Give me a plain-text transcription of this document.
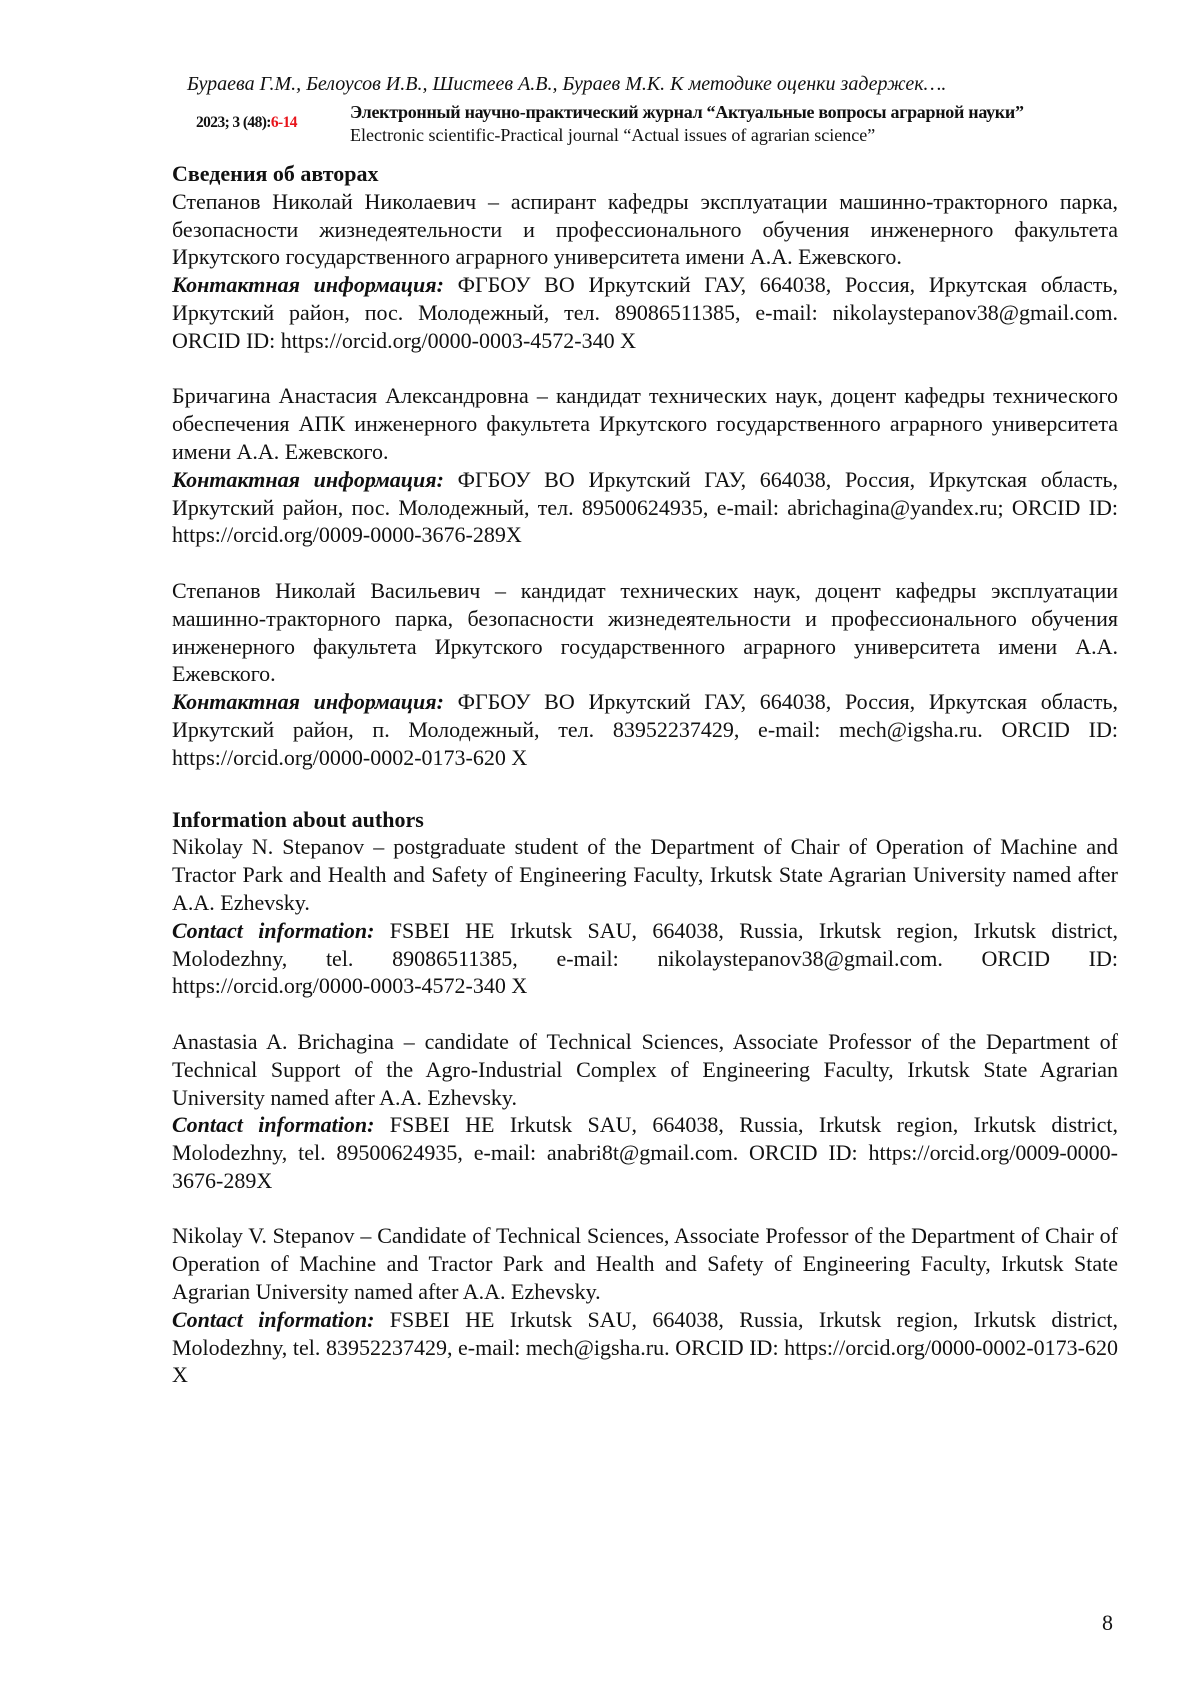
Бураева Г.М., Белоусов И.В., Шистеев А.В., Бураев М.К. К методике оценки задержек….
2023; 3 (48):6-14
Электронный научно-практический журнал “Актуальные вопросы аграрной науки”
Electronic scientific-Practical journal “Actual issues of agrarian science”
Сведения об авторах

Степанов Николай Николаевич – аспирант кафедры эксплуатации машинно-тракторного парка, безопасности жизнедеятельности и профессионального обучения инженерного факультета Иркутского государственного аграрного университета имени А.А. Ежевского.

Контактная информация: ФГБОУ ВО Иркутский ГАУ, 664038, Россия, Иркутская область, Иркутский район, пос. Молодежный, тел. 89086511385, e-mail: nikolaystepanov38@gmail.com. ORCID ID: https://orcid.org/0000-0003-4572-340 X

Бричагина Анастасия Александровна – кандидат технических наук, доцент кафедры технического обеспечения АПК инженерного факультета Иркутского государственного аграрного университета имени А.А. Ежевского.

Контактная информация: ФГБОУ ВО Иркутский ГАУ, 664038, Россия, Иркутская область, Иркутский район, пос. Молодежный, тел. 89500624935, e-mail: abrichagina@yandex.ru; ORCID ID: https://orcid.org/0009-0000-3676-289X

Степанов Николай Васильевич – кандидат технических наук, доцент кафедры эксплуатации машинно-тракторного парка, безопасности жизнедеятельности и профессионального обучения инженерного факультета Иркутского государственного аграрного университета имени А.А. Ежевского.

Контактная информация: ФГБОУ ВО Иркутский ГАУ, 664038, Россия, Иркутская область, Иркутский район, п. Молодежный, тел. 83952237429, e-mail: mech@igsha.ru. ORCID ID: https://orcid.org/0000-0002-0173-620 X

Information about authors

Nikolay N. Stepanov – postgraduate student of the Department of Chair of Operation of Machine and Tractor Park and Health and Safety of Engineering Faculty, Irkutsk State Agrarian University named after A.A. Ezhevsky.

Contact information: FSBEI HE Irkutsk SAU, 664038, Russia, Irkutsk region, Irkutsk district, Molodezhny, tel. 89086511385, e-mail: nikolaystepanov38@gmail.com. ORCID ID: https://orcid.org/0000-0003-4572-340 X

Anastasia A. Brichagina – candidate of Technical Sciences, Associate Professor of the Department of Technical Support of the Agro-Industrial Complex of Engineering Faculty, Irkutsk State Agrarian University named after A.A. Ezhevsky.

Contact information: FSBEI HE Irkutsk SAU, 664038, Russia, Irkutsk region, Irkutsk district, Molodezhny, tel. 89500624935, e-mail: anabri8t@gmail.com. ORCID ID: https://orcid.org/0009-0000-3676-289X

Nikolay V. Stepanov – Candidate of Technical Sciences, Associate Professor of the Department of Chair of Operation of Machine and Tractor Park and Health and Safety of Engineering Faculty, Irkutsk State Agrarian University named after A.A. Ezhevsky.

Contact information: FSBEI HE Irkutsk SAU, 664038, Russia, Irkutsk region, Irkutsk district, Molodezhny, tel. 83952237429, e-mail: mech@igsha.ru. ORCID ID: https://orcid.org/0000-0002-0173-620 X

8
